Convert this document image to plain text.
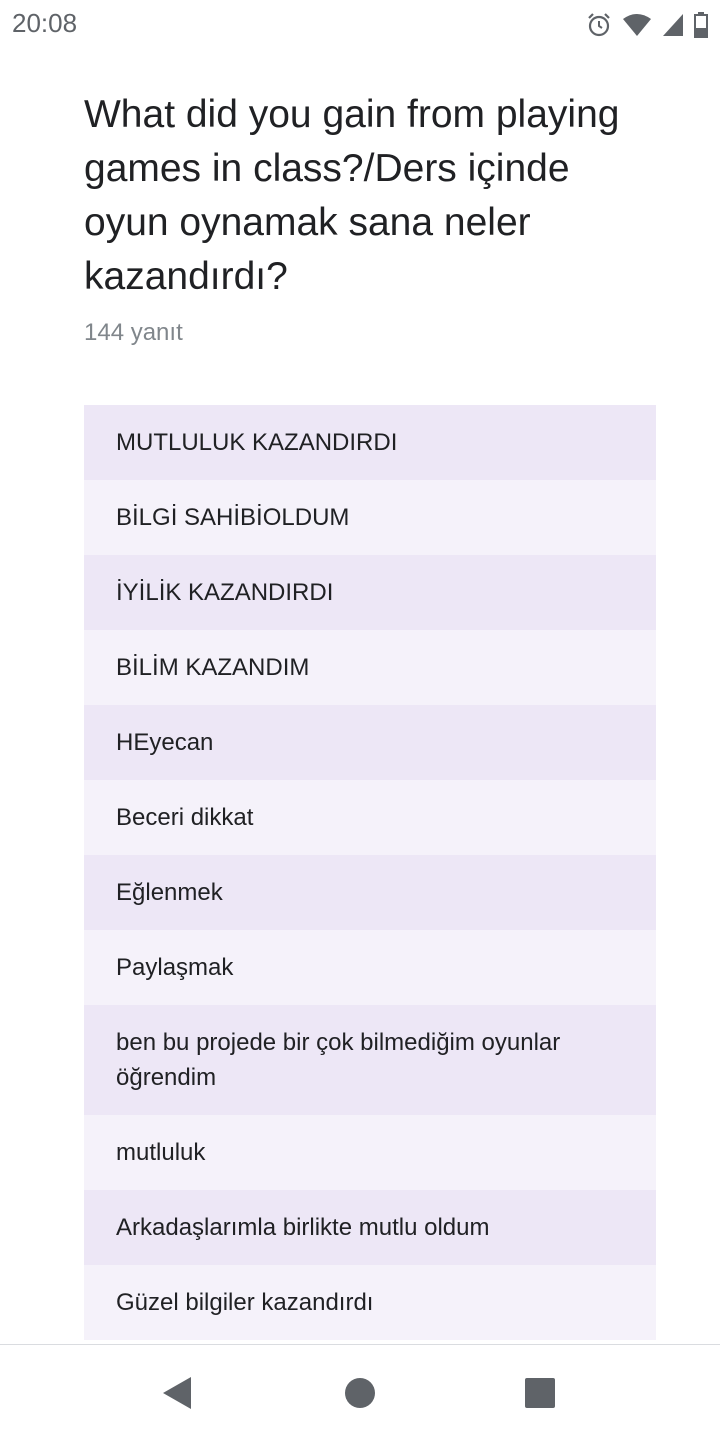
20:08
What did you gain from playing games in class?/Ders içinde oyun oynamak sana neler kazandırdı?
144 yanıt
MUTLULUK KAZANDIRDI
BİLGİ SAHİBİOLDUM
İYİLİK KAZANDIRDI
BİLİM KAZANDIM
HEyecan
Beceri dikkat
Eğlenmek
Paylaşmak
ben bu projede bir çok bilmediğim oyunlar öğrendim
mutluluk
Arkadaşlarımla birlikte mutlu oldum
Güzel bilgiler kazandırdı
